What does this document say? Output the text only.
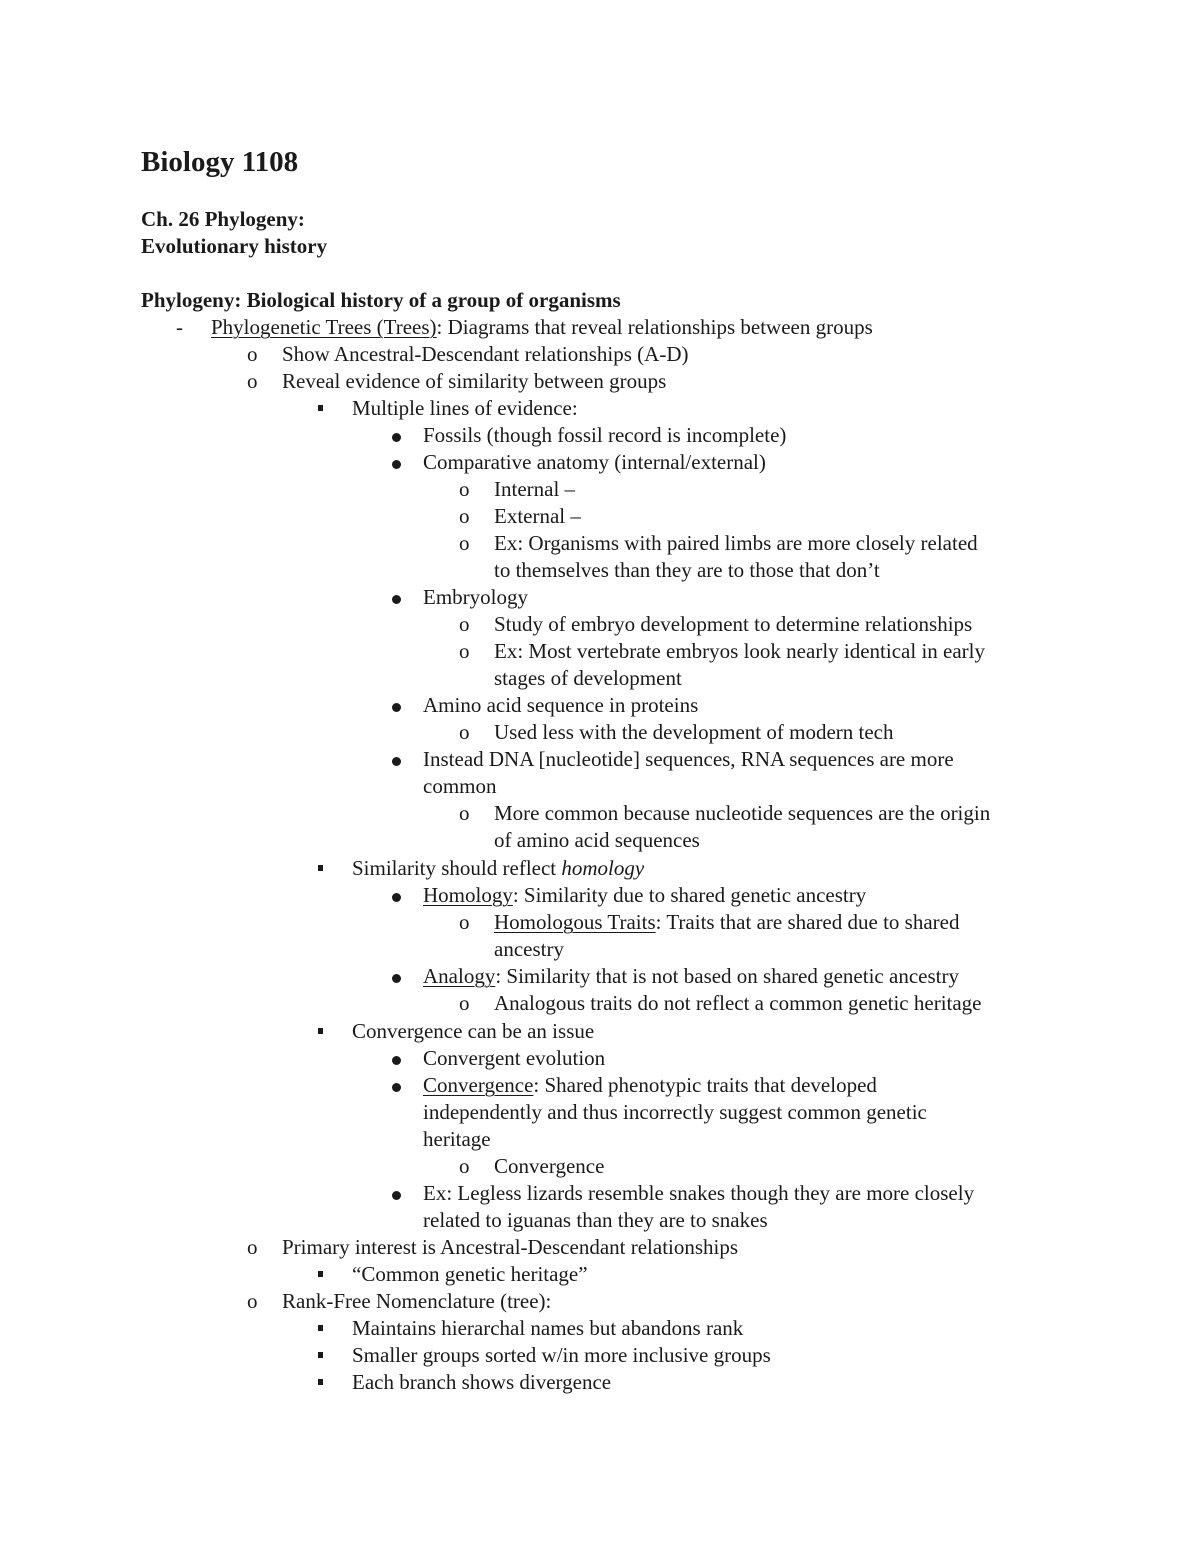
Biology 1108
Ch. 26 Phylogeny:
Evolutionary history
Phylogeny: Biological history of a group of organisms
- Phylogenetic Trees (Trees): Diagrams that reveal relationships between groups
o Show Ancestral-Descendant relationships (A-D)
o Reveal evidence of similarity between groups
Multiple lines of evidence:
Fossils (though fossil record is incomplete)
Comparative anatomy (internal/external)
o Internal –
o External –
o Ex: Organisms with paired limbs are more closely related
to themselves than they are to those that don’t
Embryology
o Study of embryo development to determine relationships
o Ex: Most vertebrate embryos look nearly identical in early
stages of development
Amino acid sequence in proteins
o Used less with the development of modern tech
Instead DNA [nucleotide] sequences, RNA sequences are more
common
o More common because nucleotide sequences are the origin
of amino acid sequences
Similarity should reflect homology
Homology: Similarity due to shared genetic ancestry
o Homologous Traits: Traits that are shared due to shared
ancestry
Analogy: Similarity that is not based on shared genetic ancestry
o Analogous traits do not reflect a common genetic heritage
Convergence can be an issue
Convergent evolution
Convergence: Shared phenotypic traits that developed
independently and thus incorrectly suggest common genetic
heritage
o Convergence
Ex: Legless lizards resemble snakes though they are more closely
related to iguanas than they are to snakes
o Primary interest is Ancestral-Descendant relationships
“Common genetic heritage”
o Rank-Free Nomenclature (tree):
Maintains hierarchal names but abandons rank
Smaller groups sorted w/in more inclusive groups
Each branch shows divergence
